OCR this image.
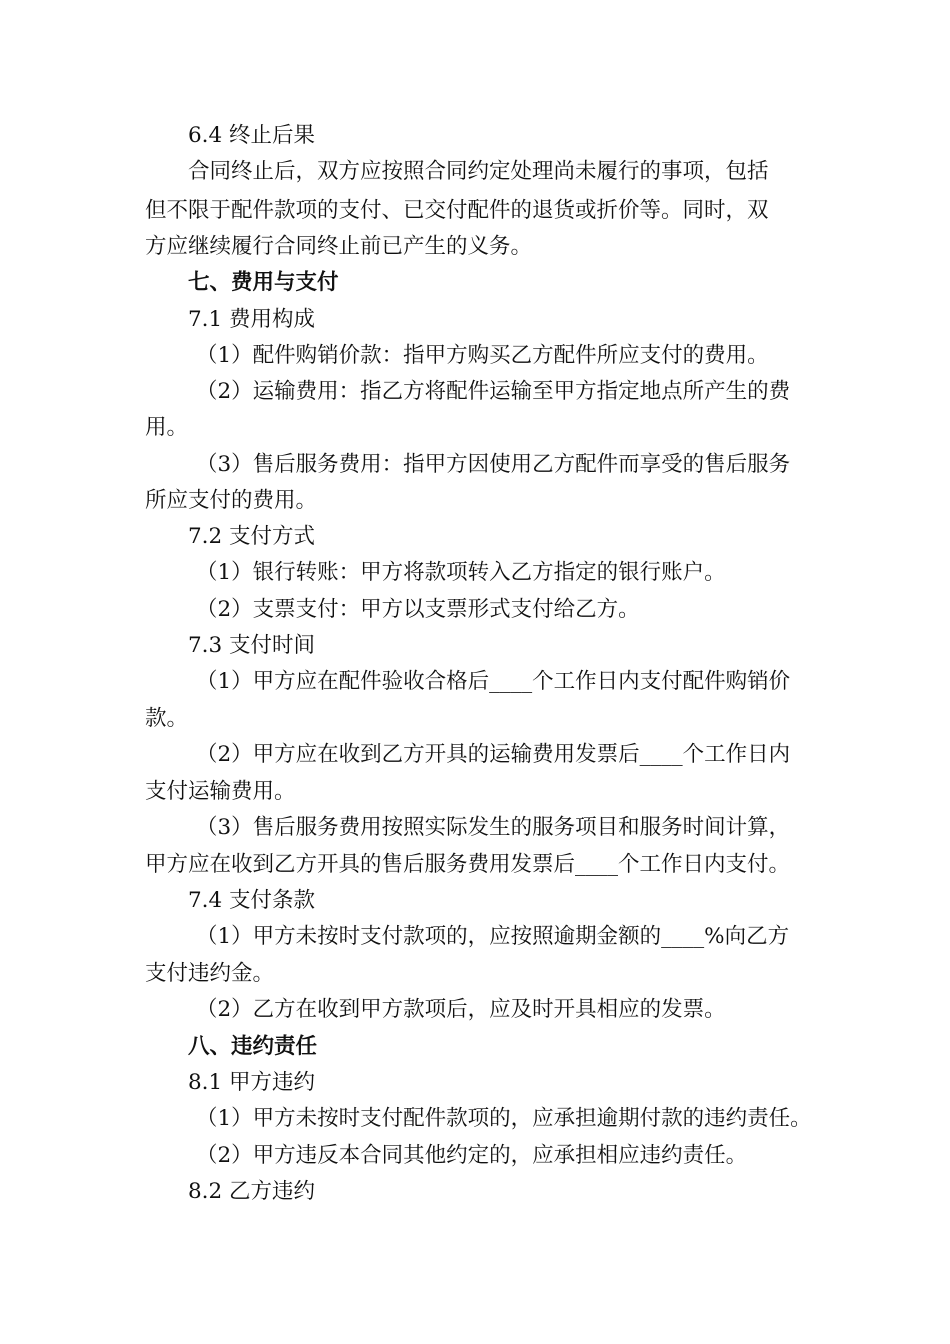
6.4 终止后果
合同终止后，双方应按照合同约定处理尚未履行的事项，包括
但不限于配件款项的支付、已交付配件的退货或折价等。同时，双
方应继续履行合同终止前已产生的义务。
七、费用与支付
7.1 费用构成
（1）配件购销价款：指甲方购买乙方配件所应支付的费用。
（2）运输费用：指乙方将配件运输至甲方指定地点所产生的费
用。
（3）售后服务费用：指甲方因使用乙方配件而享受的售后服务
所应支付的费用。
7.2 支付方式
（1）银行转账：甲方将款项转入乙方指定的银行账户。
（2）支票支付：甲方以支票形式支付给乙方。
7.3 支付时间
（1）甲方应在配件验收合格后____个工作日内支付配件购销价
款。
（2）甲方应在收到乙方开具的运输费用发票后____个工作日内
支付运输费用。
（3）售后服务费用按照实际发生的服务项目和服务时间计算，
甲方应在收到乙方开具的售后服务费用发票后____个工作日内支付。
7.4 支付条款
（1）甲方未按时支付款项的，应按照逾期金额的____%向乙方
支付违约金。
（2）乙方在收到甲方款项后，应及时开具相应的发票。
八、违约责任
8.1 甲方违约
（1）甲方未按时支付配件款项的，应承担逾期付款的违约责任。
（2）甲方违反本合同其他约定的，应承担相应违约责任。
8.2 乙方违约
